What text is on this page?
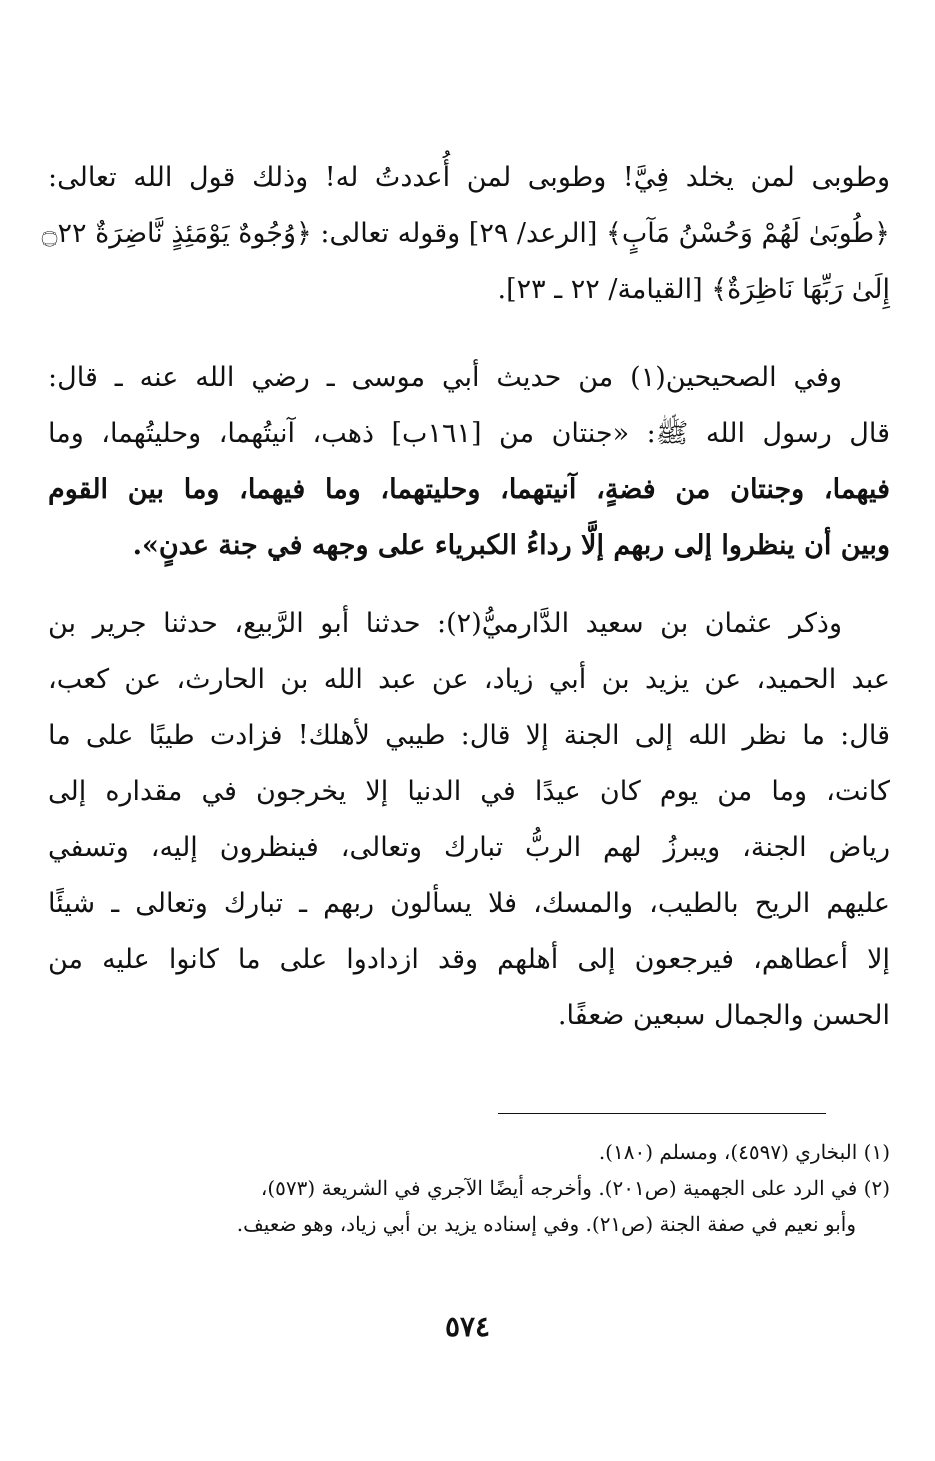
وطوبى لمن يخلد فِيَّ! وطوبى لمن أُعددتُ له! وذلك قول الله تعالى:
﴿طُوبَىٰ لَهُمْ وَحُسْنُ مَآبٍ﴾ [الرعد/ ٢٩] وقوله تعالى: ﴿وُجُوهٌ يَوْمَئِذٍ نَّاضِرَةٌ ۝٢٢
إِلَىٰ رَبِّهَا نَاظِرَةٌ﴾ [القيامة/ ٢٢ ـ ٢٣].
وفي الصحيحين(١) من حديث أبي موسى ـ رضي الله عنه ـ قال:
قال رسول الله ﷺ: «جنتان من [١٦١ب] ذهب، آنيتُهما، وحليتُهما، وما
فيهما، وجنتان من فضةٍ، آنيتهما، وحليتهما، وما فيهما، وما بين القوم
وبين أن ينظروا إلى ربهم إلَّا رداءُ الكبرياء على وجهه في جنة عدنٍ».
وذكر عثمان بن سعيد الدَّارميُّ(٢): حدثنا أبو الرَّبيع، حدثنا جرير بن
عبد الحميد، عن يزيد بن أبي زياد، عن عبد الله بن الحارث، عن كعب،
قال: ما نظر الله إلى الجنة إلا قال: طيبي لأهلك! فزادت طيبًا على ما
كانت، وما من يوم كان عيدًا في الدنيا إلا يخرجون في مقداره إلى
رياض الجنة، ويبرزُ لهم الربُّ تبارك وتعالى، فينظرون إليه، وتسفي
عليهم الريح بالطيب، والمسك، فلا يسألون ربهم ـ تبارك وتعالى ـ شيئًا
إلا أعطاهم، فيرجعون إلى أهلهم وقد ازدادوا على ما كانوا عليه من
الحسن والجمال سبعين ضعفًا.
(١) البخاري (٤٥٩٧)، ومسلم (١٨٠).
(٢) في الرد على الجهمية (ص٢٠١). وأخرجه أيضًا الآجري في الشريعة (٥٧٣)،
وأبو نعيم في صفة الجنة (ص٢١). وفي إسناده يزيد بن أبي زياد، وهو ضعيف.
٥٧٤
